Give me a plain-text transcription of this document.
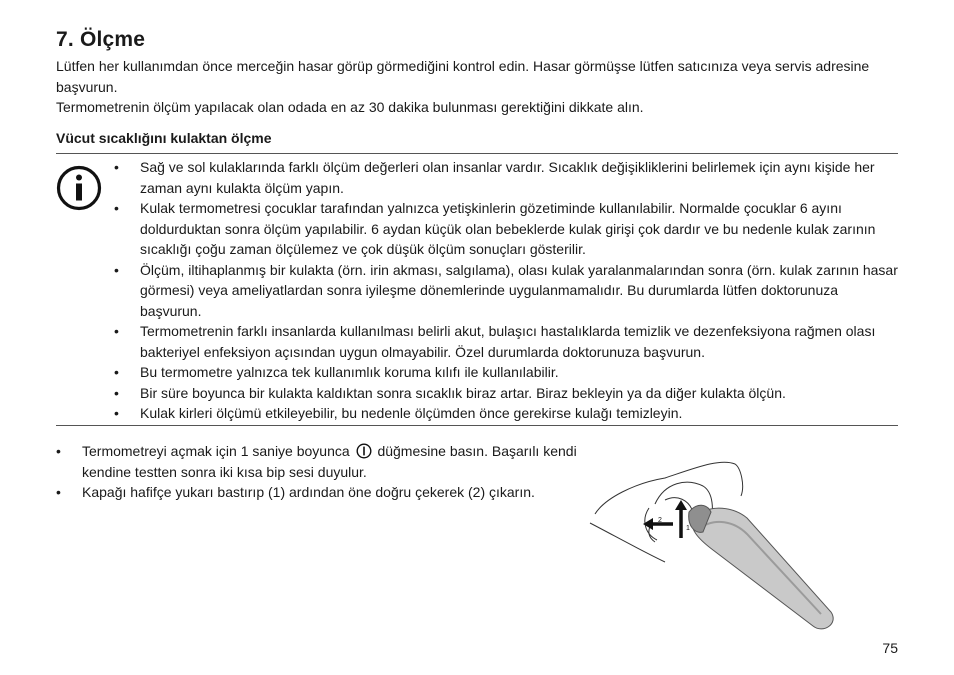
7. Ölçme

Lütfen her kullanımdan önce merceğin hasar görüp görmediğini kontrol edin. Hasar görmüşse lütfen satıcınıza veya servis adresine başvurun.

Termometrenin ölçüm yapılacak olan odada en az 30 dakika bulunması gerektiğini dikkate alın.

Vücut sıcaklığını kulaktan ölçme
• Sağ ve sol kulaklarında farklı ölçüm değerleri olan insanlar vardır. Sıcaklık değişikliklerini belirlemek için aynı kişide her zaman aynı kulakta ölçüm yapın.
• Kulak termometresi çocuklar tarafından yalnızca yetişkinlerin gözetiminde kullanılabilir. Normalde çocuklar 6 ayını doldurduktan sonra ölçüm yapılabilir. 6 aydan küçük olan bebeklerde kulak girişi çok dardır ve bu nedenle kulak zarının sıcaklığı çoğu zaman ölçülemez ve çok düşük ölçüm sonuçları gösterilir.
• Ölçüm, iltihaplanmış bir kulakta (örn. irin akması, salgılama), olası kulak yaralanmalarından sonra (örn. kulak zarının hasar görmesi) veya ameliyatlardan sonra iyileşme dönemlerinde uygulanmamalıdır. Bu durumlarda lütfen doktorunuza başvurun.
• Termometrenin farklı insanlarda kullanılması belirli akut, bulaşıcı hastalıklarda temizlik ve dezenfeksiyona rağmen olası bakteriyel enfeksiyon açısından uygun olmayabilir. Özel durumlarda doktorunuza başvurun.
• Bu termometre yalnızca tek kullanımlık koruma kılıfı ile kullanılabilir.
• Bir süre boyunca bir kulakta kaldıktan sonra sıcaklık biraz artar. Biraz bekleyin ya da diğer kulakta ölçün.
• Kulak kirleri ölçümü etkileyebilir, bu nedenle ölçümden önce gerekirse kulağı temizleyin.
• Termometreyi açmak için 1 saniye boyunca düğmesine basın. Başarılı kendi kendine testten sonra iki kısa bip sesi duyulur.
• Kapağı hafifçe yukarı bastırıp (1) ardından öne doğru çekerek (2) çıkarın.
1
2
75
